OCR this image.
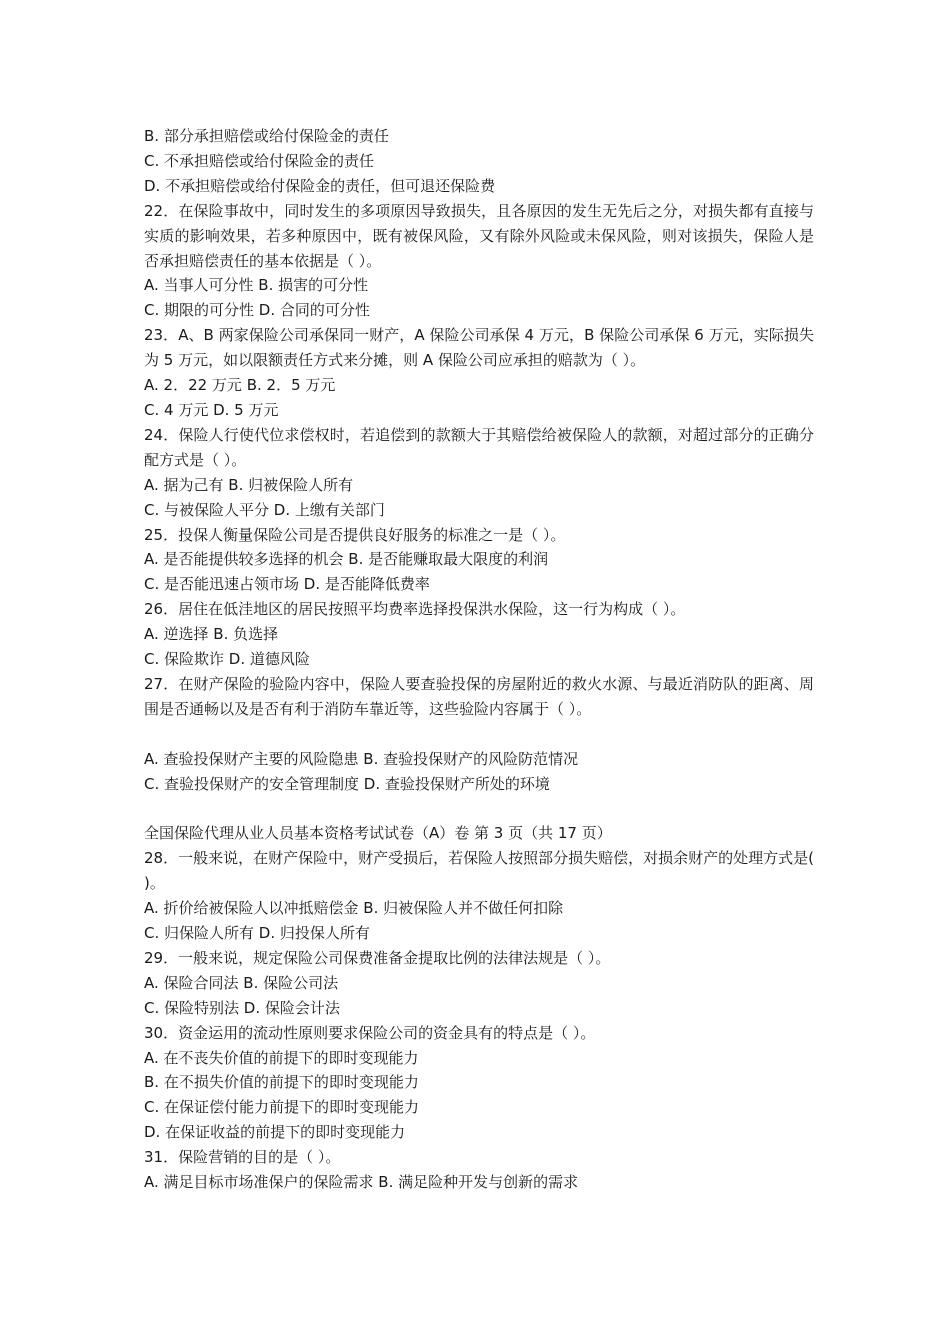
B. 部分承担赔偿或给付保险金的责任

C. 不承担赔偿或给付保险金的责任

D. 不承担赔偿或给付保险金的责任，但可退还保险费

22．在保险事故中，同时发生的多项原因导致损失，且各原因的发生无先后之分，对损失都有直接与实质的影响效果，若多种原因中，既有被保风险，又有除外风险或未保风险，则对该损失，保险人是否承担赔偿责任的基本依据是（ ）。

A. 当事人可分性 B. 损害的可分性

C. 期限的可分性 D. 合同的可分性

23．A、B 两家保险公司承保同一财产，A 保险公司承保 4 万元，B 保险公司承保 6 万元，实际损失为 5 万元，如以限额责任方式来分摊，则 A 保险公司应承担的赔款为（ ）。

A. 2．22 万元 B. 2．5 万元

C. 4 万元 D. 5 万元

24．保险人行使代位求偿权时，若追偿到的款额大于其赔偿给被保险人的款额，对超过部分的正确分配方式是（ ）。

A. 据为己有 B. 归被保险人所有

C. 与被保险人平分 D. 上缴有关部门

25．投保人衡量保险公司是否提供良好服务的标准之一是（ ）。

A. 是否能提供较多选择的机会 B. 是否能赚取最大限度的利润

C. 是否能迅速占领市场 D. 是否能降低费率

26．居住在低洼地区的居民按照平均费率选择投保洪水保险，这一行为构成（ ）。

A. 逆选择 B. 负选择

C. 保险欺诈 D. 道德风险

27．在财产保险的验险内容中，保险人要查验投保的房屋附近的救火水源、与最近消防队的距离、周围是否通畅以及是否有利于消防车靠近等，这些验险内容属于（ ）。

A. 查验投保财产主要的风险隐患 B. 查验投保财产的风险防范情况

C. 查验投保财产的安全管理制度 D. 查验投保财产所处的环境

全国保险代理从业人员基本资格考试试卷（A）卷 第 3 页（共 17 页）

28．一般来说，在财产保险中，财产受损后，若保险人按照部分损失赔偿，对损余财产的处理方式是( )。

A. 折价给被保险人以冲抵赔偿金 B. 归被保险人并不做任何扣除

C. 归保险人所有 D. 归投保人所有

29．一般来说，规定保险公司保费准备金提取比例的法律法规是（ ）。

A. 保险合同法 B. 保险公司法

C. 保险特别法 D. 保险会计法

30．资金运用的流动性原则要求保险公司的资金具有的特点是（ ）。

A. 在不丧失价值的前提下的即时变现能力

B. 在不损失价值的前提下的即时变现能力

C. 在保证偿付能力前提下的即时变现能力

D. 在保证收益的前提下的即时变现能力

31．保险营销的目的是（ ）。

A. 满足目标市场准保户的保险需求 B. 满足险种开发与创新的需求
